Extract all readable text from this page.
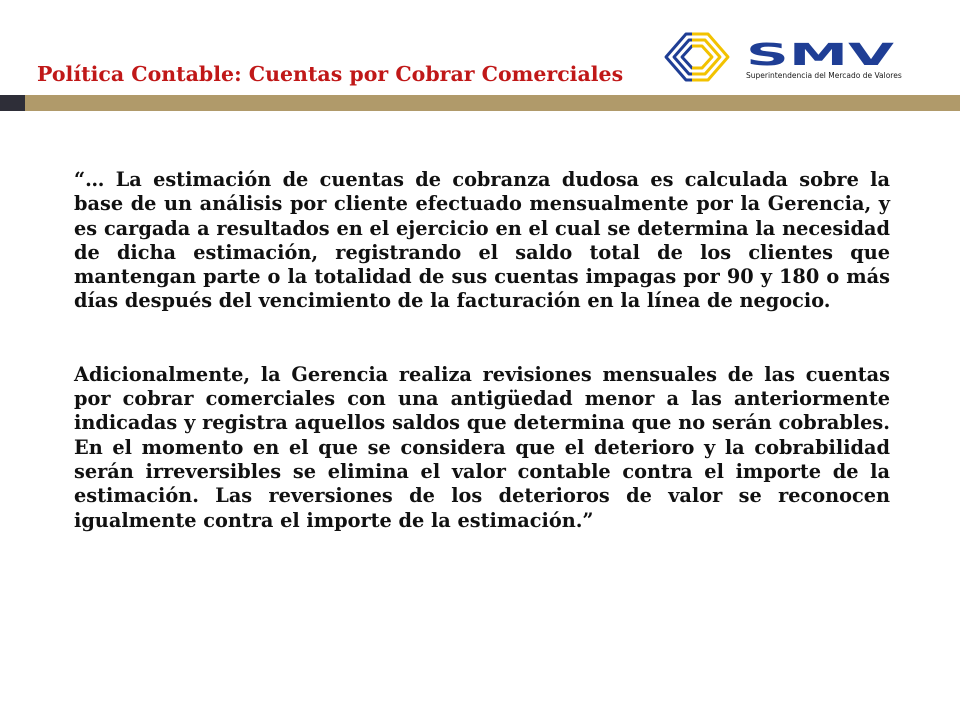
Política Contable: Cuentas por Cobrar Comerciales
SMV
Superintendencia del Mercado de Valores

“… La estimación de cuentas de cobranza dudosa es calculada sobre la base de un análisis por cliente efectuado mensualmente por la Gerencia, y es cargada a resultados en el ejercicio en el cual se determina la necesidad de dicha estimación, registrando el saldo total de los clientes que mantengan parte o la totalidad de sus cuentas impagas por 90 y 180 o más días después del vencimiento de la facturación en la línea de negocio.

Adicionalmente, la Gerencia realiza revisiones mensuales de las cuentas por cobrar comerciales con una antigüedad menor a las anteriormente indicadas y registra aquellos saldos que determina que no serán cobrables. En el momento en el que se considera que el deterioro y la cobrabilidad serán irreversibles se elimina el valor contable contra el importe de la estimación. Las reversiones de los deterioros de valor se reconocen igualmente contra el importe de la estimación.”
